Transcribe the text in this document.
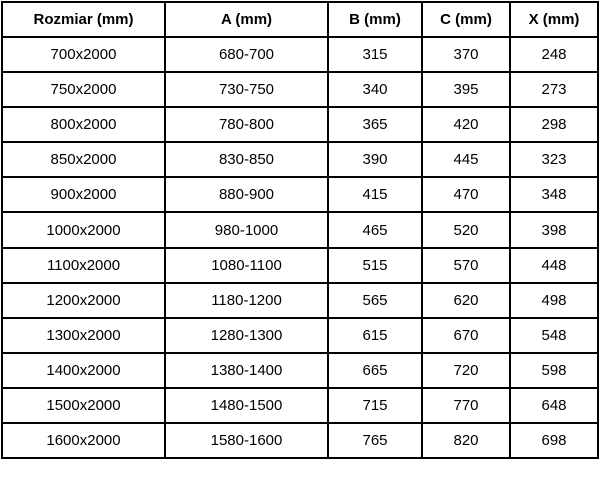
Rozmiar (mm)	A (mm)	B (mm)	C (mm)	X (mm)
700x2000	680-700	315	370	248
750x2000	730-750	340	395	273
800x2000	780-800	365	420	298
850x2000	830-850	390	445	323
900x2000	880-900	415	470	348
1000x2000	980-1000	465	520	398
1100x2000	1080-1100	515	570	448
1200x2000	1180-1200	565	620	498
1300x2000	1280-1300	615	670	548
1400x2000	1380-1400	665	720	598
1500x2000	1480-1500	715	770	648
1600x2000	1580-1600	765	820	698
